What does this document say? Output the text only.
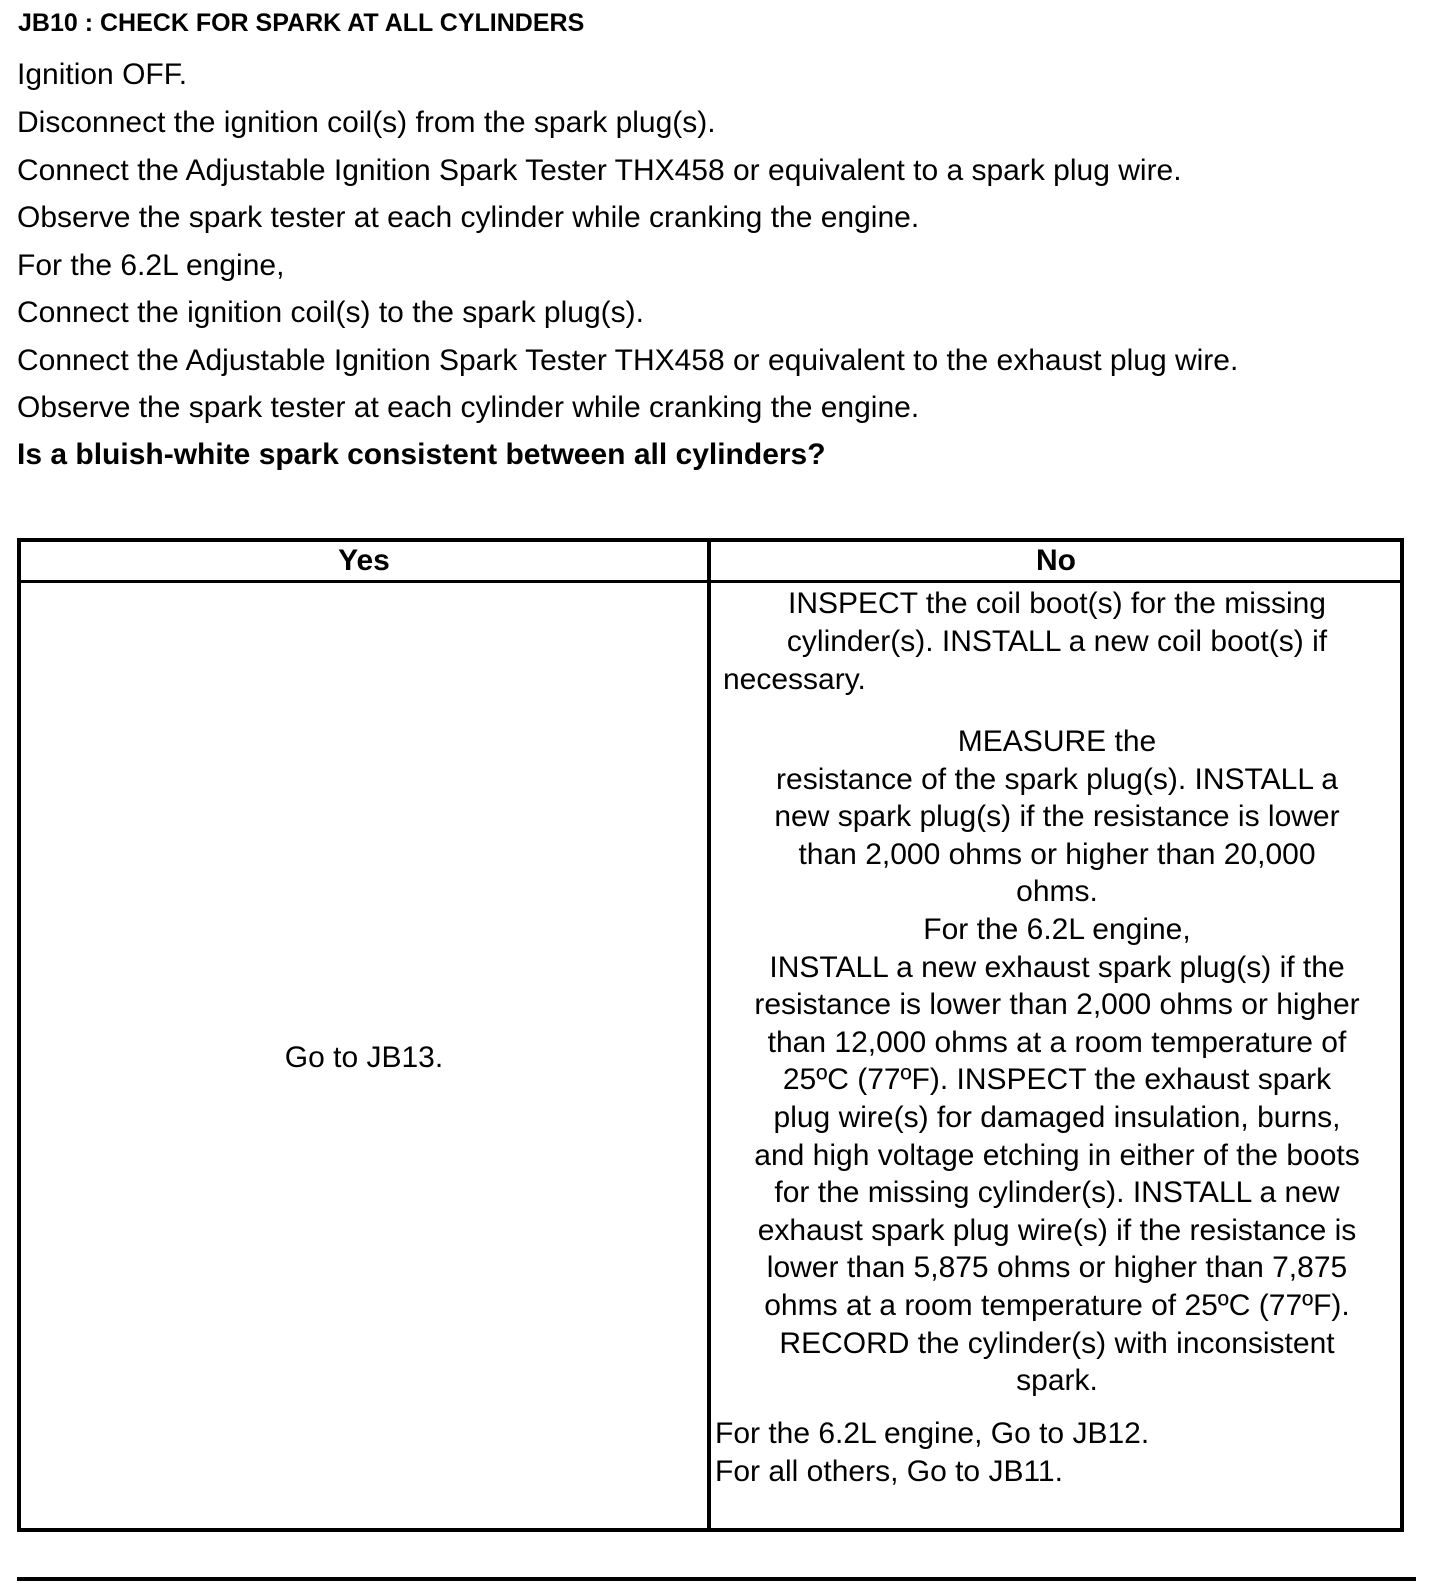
JB10 : CHECK FOR SPARK AT ALL CYLINDERS
Ignition OFF.
Disconnect the ignition coil(s) from the spark plug(s).
Connect the Adjustable Ignition Spark Tester THX458 or equivalent to a spark plug wire.
Observe the spark tester at each cylinder while cranking the engine.
For the 6.2L engine,
Connect the ignition coil(s) to the spark plug(s).
Connect the Adjustable Ignition Spark Tester THX458 or equivalent to the exhaust plug wire.
Observe the spark tester at each cylinder while cranking the engine.
Is a bluish-white spark consistent between all cylinders?
Yes	No
Go to JB13.
INSPECT the coil boot(s) for the missing
cylinder(s). INSTALL a new coil boot(s) if
necessary.
MEASURE the
resistance of the spark plug(s). INSTALL a
new spark plug(s) if the resistance is lower
than 2,000 ohms or higher than 20,000
ohms.
For the 6.2L engine,
INSTALL a new exhaust spark plug(s) if the
resistance is lower than 2,000 ohms or higher
than 12,000 ohms at a room temperature of
25ºC (77ºF). INSPECT the exhaust spark
plug wire(s) for damaged insulation, burns,
and high voltage etching in either of the boots
for the missing cylinder(s). INSTALL a new
exhaust spark plug wire(s) if the resistance is
lower than 5,875 ohms or higher than 7,875
ohms at a room temperature of 25ºC (77ºF).
RECORD the cylinder(s) with inconsistent
spark.
For the 6.2L engine, Go to JB12.
For all others, Go to JB11.
